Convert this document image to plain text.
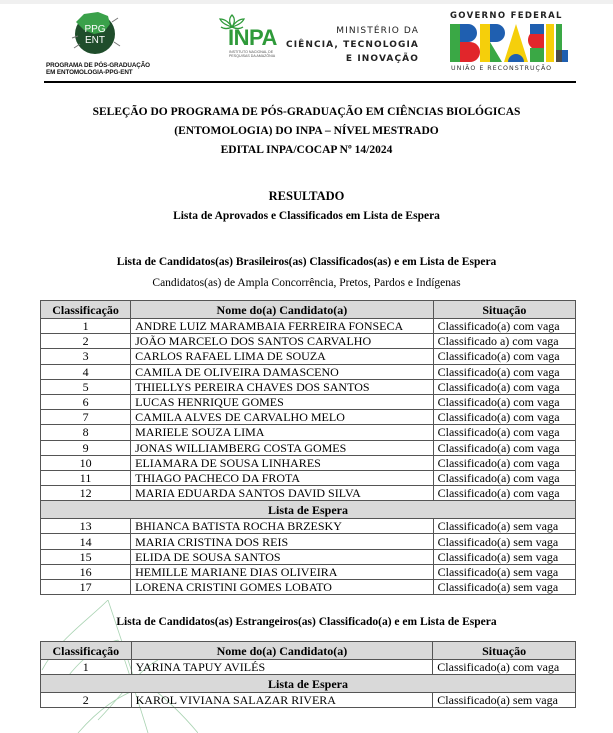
PPG
ENT
PROGRAMA DE PÓS-GRADUAÇÃO
EM ENTOMOLOGIA-PPG-ENT
INPA
INSTITUTO NACIONAL DE PESQUISAS DA AMAZÔNIA
MINISTÉRIO DA
CIÊNCIA, TECNOLOGIA
E INOVAÇÃO
GOVERNO FEDERAL
UNIÃO E RECONSTRUÇÃO
SELEÇÃO DO PROGRAMA DE PÓS-GRADUAÇÃO EM CIÊNCIAS BIOLÓGICAS
(ENTOMOLOGIA) DO INPA – NÍVEL MESTRADO
EDITAL INPA/COCAP Nº 14/2024
RESULTADO
Lista de Aprovados e Classificados em Lista de Espera
Lista de Candidatos(as) Brasileiros(as) Classificados(as) e em Lista de Espera
Candidatos(as) de Ampla Concorrência, Pretos, Pardos e Indígenas
Classificação	Nome do(a) Candidato(a)	Situação
1	ANDRE LUIZ MARAMBAIA FERREIRA FONSECA	Classificado(a) com vaga
2	JOÃO MARCELO DOS SANTOS CARVALHO	Classificado a) com vaga
3	CARLOS RAFAEL LIMA DE SOUZA	Classificado(a) com vaga
4	CAMILA DE OLIVEIRA DAMASCENO	Classificado(a) com vaga
5	THIELLYS PEREIRA CHAVES DOS SANTOS	Classificado(a) com vaga
6	LUCAS HENRIQUE GOMES	Classificado(a) com vaga
7	CAMILA ALVES DE CARVALHO MELO	Classificado(a) com vaga
8	MARIELE SOUZA LIMA	Classificado(a) com vaga
9	JONAS WILLIAMBERG COSTA GOMES	Classificado(a) com vaga
10	ELIAMARA DE SOUSA LINHARES	Classificado(a) com vaga
11	THIAGO PACHECO DA FROTA	Classificado(a) com vaga
12	MARIA EDUARDA SANTOS DAVID SILVA	Classificado(a) com vaga
Lista de Espera		
13	BHIANCA BATISTA ROCHA BRZESKY	Classificado(a) sem vaga
14	MARIA CRISTINA DOS REIS	Classificado(a) sem vaga
15	ELIDA DE SOUSA SANTOS	Classificado(a) sem vaga
16	HEMILLE MARIANE DIAS OLIVEIRA	Classificado(a) sem vaga
17	LORENA CRISTINI GOMES LOBATO	Classificado(a) sem vaga
Lista de Candidatos(as) Estrangeiros(as) Classificado(a) e em Lista de Espera
Classificação	Nome do(a) Candidato(a)	Situação
1	YARINA TAPUY AVILÉS	Classificado(a) com vaga
Lista de Espera		
2	KAROL VIVIANA SALAZAR RIVERA	Classificado(a) sem vaga
